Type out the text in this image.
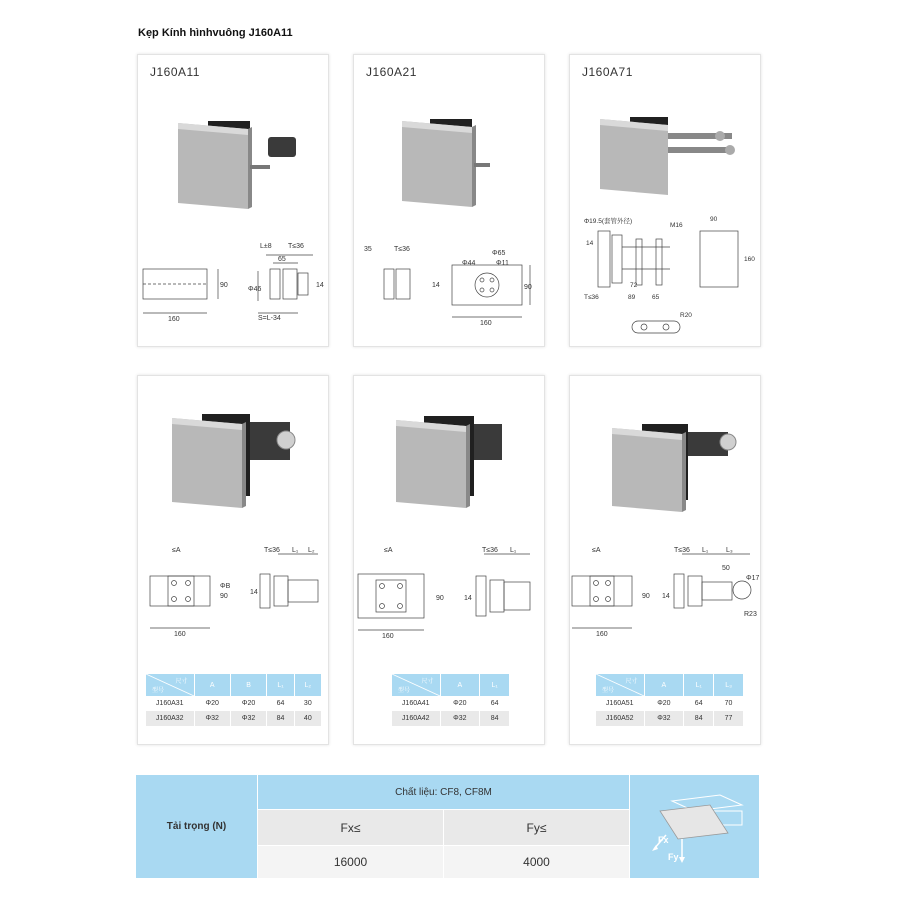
Kẹp Kính hìnhvuông J160A11
J160A11
160
90
L±8 T≤36
65
Φ46
S=L-34
14
J160A21
35	T≤36
Φ44
Φ65
Φ11
160
90
14
J160A71
Φ19.5(套管外径)
M16
90
160
14
72
T≤36	89	65
R20
≤A
ΦB
90
160
T≤36 L₁ L₂
14
尺寸
型号	A	B	L₁	L₂
J160A31	Φ20	Φ20	64	30
J160A32	Φ32	Φ32	84	40
≤A
90
160
T≤36 L₁
14
尺寸
型号	A	L₁
J160A41	Φ20	64
J160A42	Φ32	84
≤A
90
160
T≤36 L₁	L₃
50
Φ17
R23
14
尺寸
型号	A	L₁	L₃
J160A51	Φ20	64	70
J160A52	Φ32	84	77
Tải trọng (N)
Chất liệu: CF8, CF8M
Fx≤	Fy≤
16000	4000
Fx
Fy
